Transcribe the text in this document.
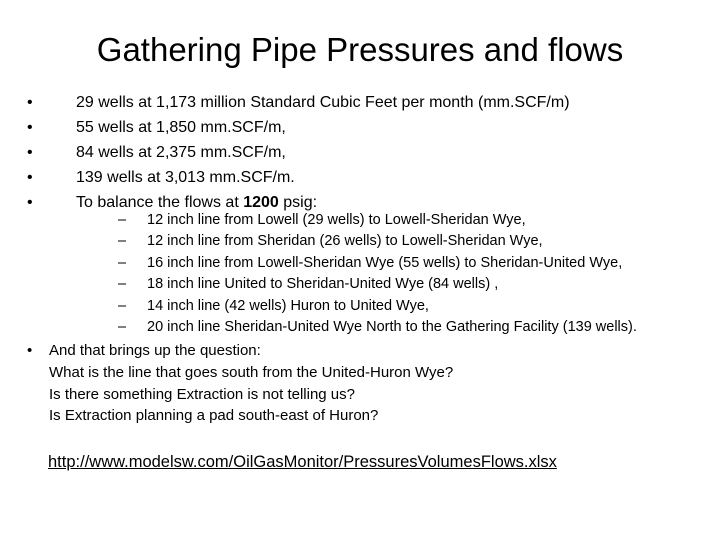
Gathering Pipe Pressures and flows
•	29 wells at 1,173 million Standard Cubic Feet per month (mm.SCF/m)
•	55 wells at 1,850 mm.SCF/m,
•	84 wells at 2,375 mm.SCF/m,
•	139 wells at 3,013 mm.SCF/m.
•	To balance the flows at 1200 psig:
– 12 inch line from Lowell (29 wells) to Lowell-Sheridan Wye,
– 12 inch line from Sheridan (26 wells) to Lowell-Sheridan Wye,
– 16 inch line from Lowell-Sheridan Wye (55 wells) to Sheridan-United Wye,
– 18 inch line United to Sheridan-United Wye (84 wells) ,
– 14 inch line (42 wells) Huron to United Wye,
– 20 inch line Sheridan-United Wye North to the Gathering Facility (139 wells).
• And that brings up the question:
What is the line that goes south from the United-Huron Wye?
Is there something Extraction is not telling us?
Is Extraction planning a pad south-east of Huron?
http://www.modelsw.com/OilGasMonitor/PressuresVolumesFlows.xlsx
